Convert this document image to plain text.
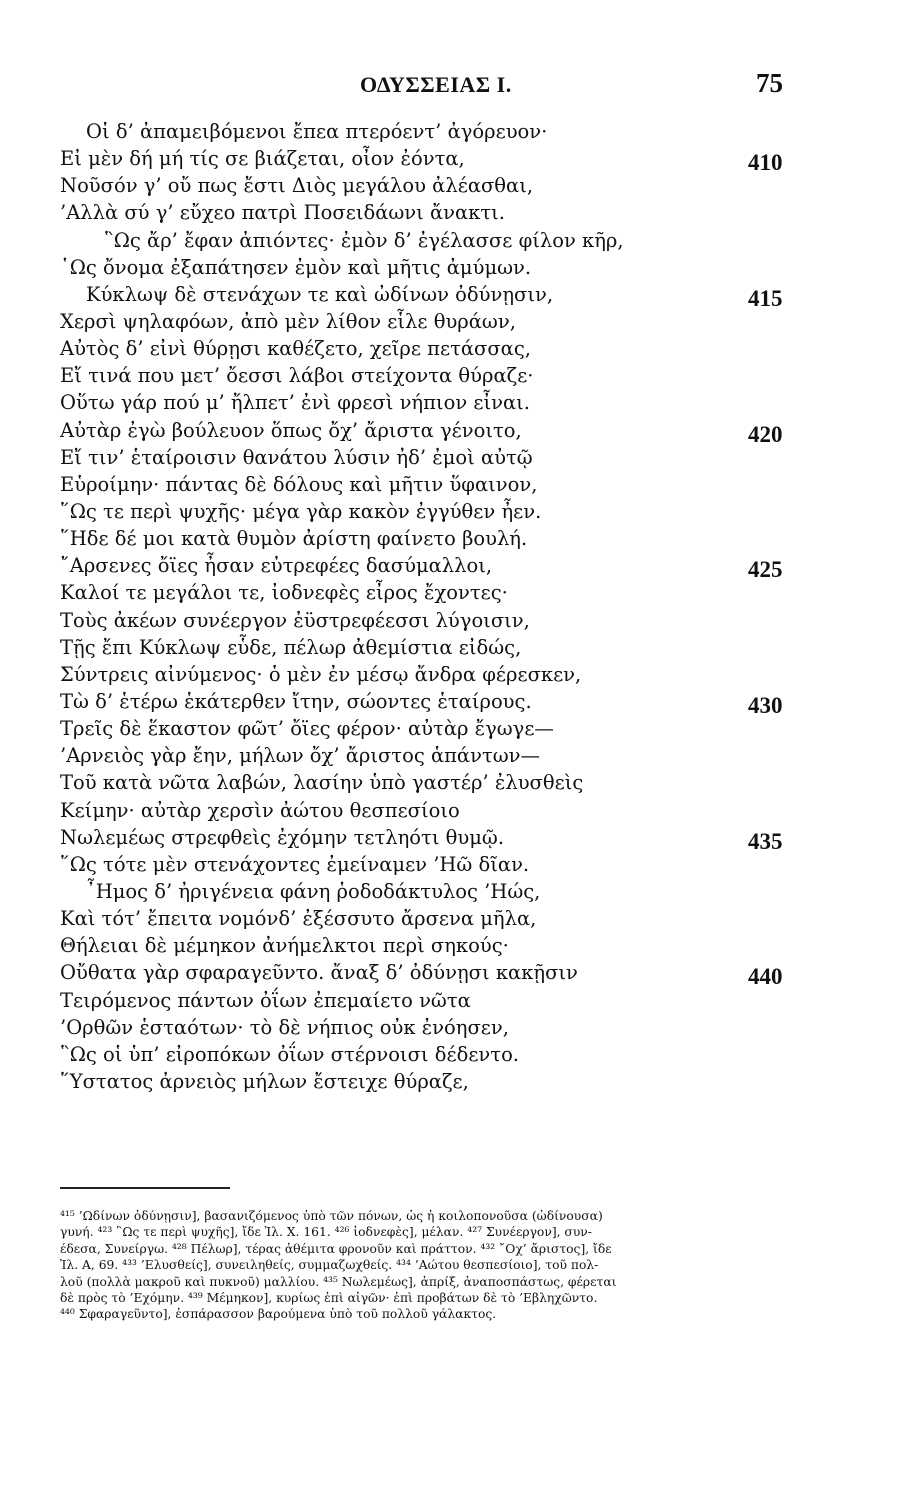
ΟΔΥΣΣΕΙΑΣ Ι.	75
Οἱ δ’ ἀπαμειβόμενοι ἔπεα πτερόεντ’ ἀγόρευον·
Εἰ μὲν δή μή τίς σε βιάζεται, οἶον ἐόντα,	410
Νοῦσόν γ’ οὔ πως ἔστι Διὸς μεγάλου ἀλέασθαι,
’Αλλὰ σύ γ’ εὔχεο πατρὶ Ποσειδάωνι ἄνακτι.
῝Ως ἄρ’ ἔφαν ἀπιόντες· ἐμὸν δ’ ἐγέλασσε φίλον κῆρ,
῾Ως ὄνομα ἐξαπάτησεν ἐμὸν καὶ μῆτις ἀμύμων.
Κύκλωψ δὲ στενάχων τε καὶ ὠδίνων ὀδύνῃσιν,	415
Χερσὶ ψηλαφόων, ἀπὸ μὲν λίθον εἷλε θυράων,
Αὐτὸς δ’ εἰνὶ θύρῃσι καθέζετο, χεῖρε πετάσσας,
Εἴ τινά που μετ’ ὄεσσι λάβοι στείχοντα θύραζε·
Οὕτω γάρ πού μ’ ἤλπετ’ ἐνὶ φρεσὶ νήπιον εἶναι.
Αὐτὰρ ἐγὼ βούλευον ὅπως ὄχ’ ἄριστα γένοιτο,	420
Εἴ τιν’ ἑταίροισιν θανάτου λύσιν ἠδ’ ἐμοὶ αὐτῷ
Εὑροίμην· πάντας δὲ δόλους καὶ μῆτιν ὕφαινον,
῞Ως τε περὶ ψυχῆς· μέγα γὰρ κακὸν ἐγγύθεν ἦεν.
῞Ηδε δέ μοι κατὰ θυμὸν ἀρίστη φαίνετο βουλή.
῎Αρσενες ὄϊες ἦσαν εὐτρεφέες δασύμαλλοι,	425
Καλοί τε μεγάλοι τε, ἰοδνεφὲς εἶρος ἔχοντες·
Τοὺς ἀκέων συνέεργον ἐϋστρεφέεσσι λύγοισιν,
Τῇς ἔπι Κύκλωψ εὗδε, πέλωρ ἀθεμίστια εἰδώς,
Σύντρεις αἰνύμενος· ὁ μὲν ἐν μέσῳ ἄνδρα φέρεσκεν,
Τὼ δ’ ἑτέρω ἑκάτερθεν ἴτην, σώοντες ἑταίρους.	430
Τρεῖς δὲ ἕκαστον φῶτ’ ὄϊες φέρον· αὐτὰρ ἔγωγε—
’Αρνειὸς γὰρ ἔην, μήλων ὄχ’ ἄριστος ἁπάντων—
Τοῦ κατὰ νῶτα λαβών, λασίην ὑπὸ γαστέρ’ ἐλυσθεὶς
Κείμην· αὐτὰρ χερσὶν ἀώτου θεσπεσίοιο
Νωλεμέως στρεφθεὶς ἐχόμην τετληότι θυμῷ.	435
῞Ως τότε μὲν στενάχοντες ἐμείναμεν ’Ηῶ δῖαν.
῏Ημος δ’ ἠριγένεια φάνη ῥοδοδάκτυλος ’Ηώς,
Καὶ τότ’ ἔπειτα νομόνδ’ ἐξέσσυτο ἄρσενα μῆλα,
Θήλειαι δὲ μέμηκον ἀνήμελκτοι περὶ σηκούς·
Οὔθατα γὰρ σφαραγεῦντο. ἄναξ δ’ ὀδύνῃσι κακῇσιν	440
Τειρόμενος πάντων ὀΐων ἐπεμαίετο νῶτα
’Ορθῶν ἑσταότων· τὸ δὲ νήπιος οὐκ ἐνόησεν,
῝Ως οἱ ὑπ’ εἰροπόκων ὀΐων στέρνοισι δέδεντο.
῞Υστατος ἀρνειὸς μήλων ἔστειχε θύραζε,
⁴¹⁵ ’Ωδίνων ὀδύνῃσιν], βασανιζόμενος ὑπὸ τῶν πόνων, ὡς ἡ κοιλοπονοῦσα (ὠδίνουσα)
γυνή. ⁴²³ ῝Ως τε περὶ ψυχῆς], ἴδε Ἰλ. Χ. 161. ⁴²⁶ ἰοδνεφὲς], μέλαν. ⁴²⁷ Συνέεργον], συν-
έδεσα, Συνείργω. ⁴²⁸ Πέλωρ], τέρας ἀθέμιτα φρονοῦν καὶ πράττον. ⁴³² ῎Οχ’ ἄριστος], ἴδε
Ἰλ. Α, 69. ⁴³³ ’Ελυσθείς], συνειληθείς, συμμαζωχθείς. ⁴³⁴ ’Αώτου θεσπεσίοιο], τοῦ πολ-
λοῦ (πολλὰ μακροῦ καὶ πυκνοῦ) μαλλίου. ⁴³⁵ Νωλεμέως], ἀπρίξ, ἀναποσπάστως, φέρεται
δὲ πρὸς τὸ ’Εχόμην. ⁴³⁹ Μέμηκον], κυρίως ἐπὶ αἰγῶν· ἐπὶ προβάτων δὲ τὸ ’Εβληχῶντο.
⁴⁴⁰ Σφαραγεῦντο], ἐσπάρασσον βαρούμενα ὑπὸ τοῦ πολλοῦ γάλακτος.
